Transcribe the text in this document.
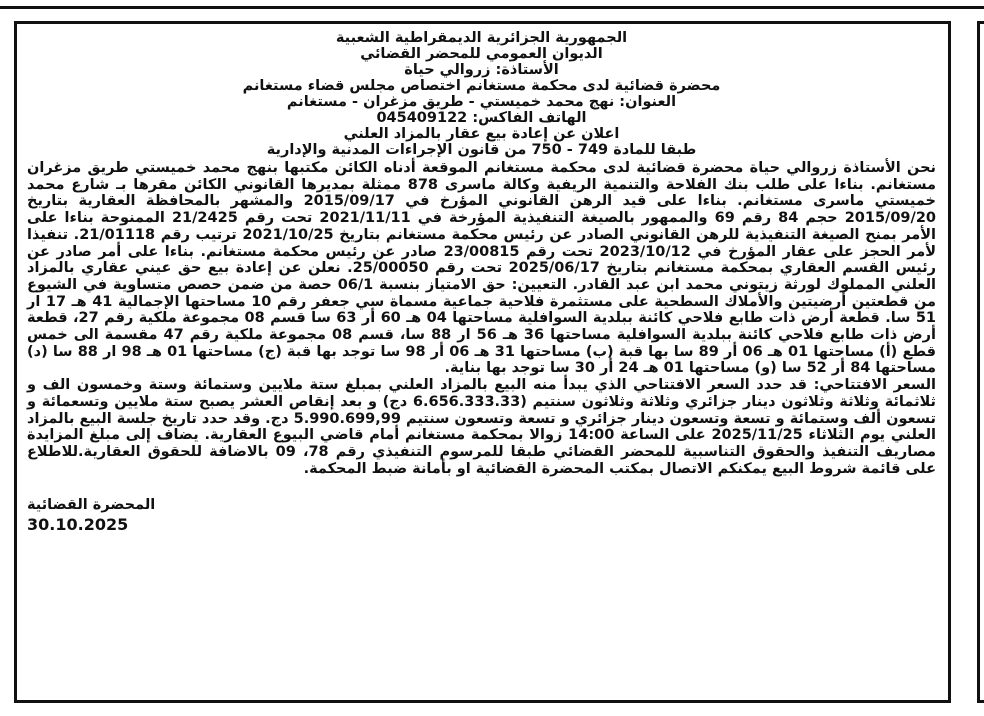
الجمهورية الجزائرية الديمقراطية الشعبية
الديوان العمومي للمحضر القضائي
الأستاذة: زروالي حياة
محضرة قضائية لدى محكمة مستغانم اختصاص مجلس قضاء مستغانم
العنوان: نهج محمد خميستي - طريق مزغران - مستغانم
الهاتف الفاكس: 045409122
اعلان عن إعادة بيع عقار بالمزاد العلني
طبقا للمادة 749 - 750 من قانون الإجراءات المدنية والإدارية

نحن الأستاذة زروالي حياة محضرة قضائية لدى محكمة مستغانم الموقعة أدناه الكائن مكتبها بنهج محمد خميستي طريق مزغران مستغانم. بناءا على طلب بنك الفلاحة والتنمية الريفية وكالة ماسرى 878 ممثلة بمديرها القانوني الكائن مقرها بـ شارع محمد خميستي ماسرى مستغانم. بناءا على قيد الرهن القانوني المؤرخ في 2015/09/17 والمشهر بالمحافظة العقارية بتاريخ 2015/09/20 حجم 84 رقم 69 والممهور بالصيغة التنفيذية المؤرخة في 2021/11/11 تحت رقم 21/2425 الممنوحة بناءا على الأمر بمنح الصيغة التنفيذية للرهن القانوني الصادر عن رئيس محكمة مستغانم بتاريخ 2021/10/25 ترتيب رقم 21/01118. تنفيذا لأمر الحجز على عقار المؤرخ في 2023/10/12 تحت رقم 23/00815 صادر عن رئيس محكمة مستغانم. بناءا على أمر صادر عن رئيس القسم العقاري بمحكمة مستغانم بتاريخ 2025/06/17 تحت رقم 25/00050. نعلن عن إعادة بيع حق عيني عقاري بالمزاد العلني المملوك لورثة زيتوني محمد ابن عبد القادر. التعيين: حق الامتياز بنسبة 06/1 حصة من ضمن حصص متساوية في الشيوع من قطعتين أرضيتين والأملاك السطحية على مستثمرة فلاحية جماعية مسماة سي جعفر رقم 10 مساحتها الإجمالية 41 هـ 17 ار 51 سا. قطعة أرض ذات طابع فلاحي كائنة ببلدية السوافلية مساحتها 04 هـ 60 أر 63 سا قسم 08 مجموعة ملكية رقم 27، قطعة أرض ذات طابع فلاحي كائنة ببلدية السوافلية مساحتها 36 هـ 56 ار 88 سا، قسم 08 مجموعة ملكية رقم 47 مقسمة الى خمس قطع (أ) مساحتها 01 هـ 06 أر 89 سا بها قبة (ب) مساحتها 31 هـ 06 أر 98 سا توجد بها قبة (ج) مساحتها 01 هـ 98 ار 88 سا (د) مساحتها 84 أر 52 سا (و) مساحتها 01 هـ 24 أر 30 سا توجد بها بناية.

السعر الافتتاحي: قد حدد السعر الافتتاحي الذي يبدأ منه البيع بالمزاد العلني بمبلغ ستة ملايين وستمائة وستة وخمسون الف و ثلاثمائة وثلاثة وثلاثون دينار جزائري وثلاثة وثلاثون سنتيم (6.656.333.33 دج) و بعد إنقاص العشر يصبح ستة ملايين وتسعمائة و تسعون ألف وستمائة و تسعة وتسعون دينار جزائري و تسعة وتسعون سنتيم 5.990.699,99 دج. وقد حدد تاريخ جلسة البيع بالمزاد العلني يوم الثلاثاء 2025/11/25 على الساعة 14:00 زوالا بمحكمة مستغانم أمام قاضي البيوع العقارية. يضاف إلى مبلغ المزايدة مصاريف التنفيذ والحقوق التناسبية للمحضر القضائي طبقا للمرسوم التنفيذي رقم 78، 09 بالاضافة للحقوق العقارية.للاطلاع على قائمة شروط البيع يمكنكم الاتصال بمكتب المحضرة القضائية او بأمانة ضبط المحكمة.

المحضرة القضائية
30.10.2025
